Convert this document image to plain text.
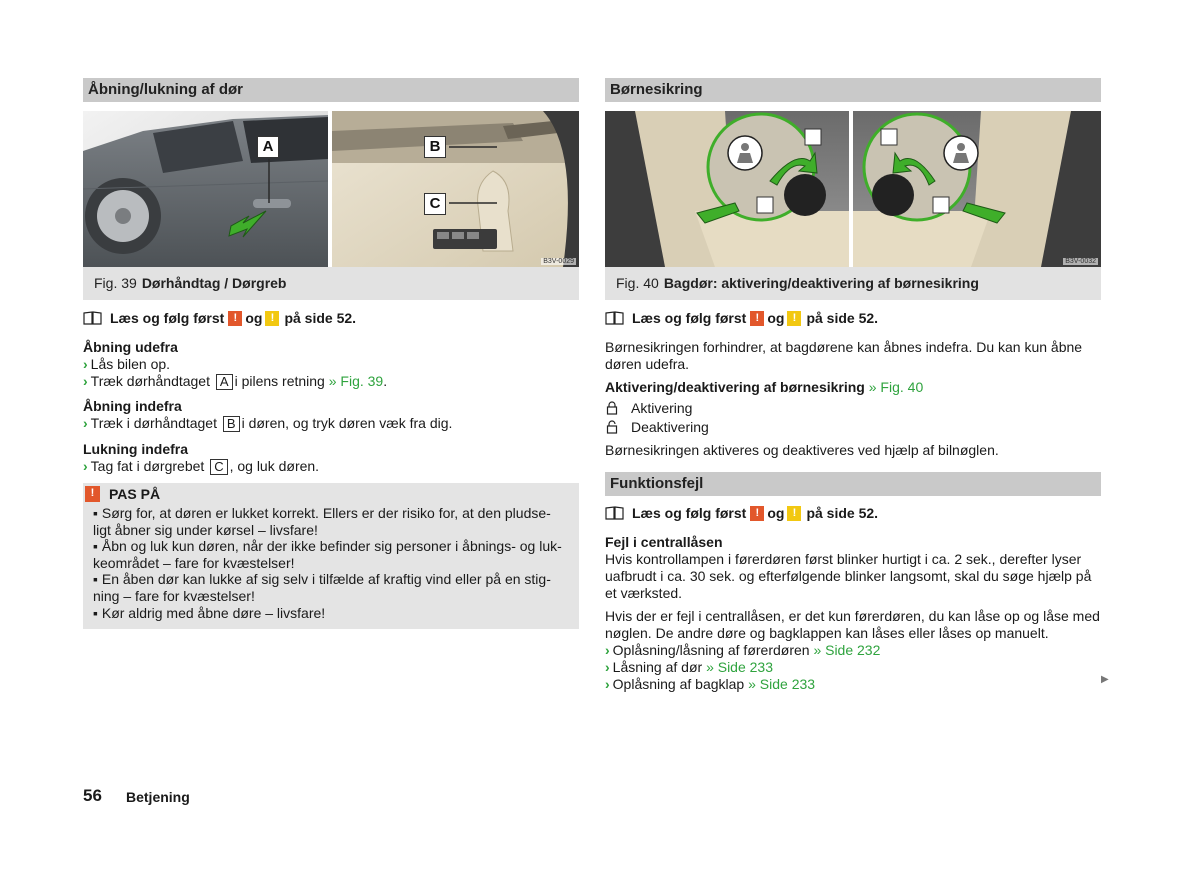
Åbning/lukning af dør
A	B
C
B3V-0029
Fig. 39 Dørhåndtag / Dørgreb
Læs og følg først ! og ! på side 52.
Åbning udefra
› Lås bilen op.
› Træk dørhåndtaget A i pilens retning » Fig. 39.
Åbning indefra
› Træk i dørhåndtaget B i døren, og tryk døren væk fra dig.
Lukning indefra
› Tag fat i dørgrebet C , og luk døren.
!	PAS PÅ
▪ Sørg for, at døren er lukket korrekt. Ellers er der risiko for, at den pludse-
ligt åbner sig under kørsel – livsfare!
▪ Åbn og luk kun døren, når der ikke befinder sig personer i åbnings- og luk-
keområdet – fare for kvæstelser!
▪ En åben dør kan lukke af sig selv i tilfælde af kraftig vind eller på en stig-
ning – fare for kvæstelser!
▪ Kør aldrig med åbne døre – livsfare!
Børnesikring
B3V-0032
Fig. 40 Bagdør: aktivering/deaktivering af børnesikring
Læs og følg først ! og ! på side 52.
Børnesikringen forhindrer, at bagdørene kan åbnes indefra. Du kan kun åbne
døren udefra.
Aktivering/deaktivering af børnesikring » Fig. 40
Aktivering
Deaktivering
Børnesikringen aktiveres og deaktiveres ved hjælp af bilnøglen.
Funktionsfejl
Læs og følg først ! og ! på side 52.
Fejl i centrallåsen
Hvis kontrollampen i førerdøren først blinker hurtigt i ca. 2 sek., derefter lyser
uafbrudt i ca. 30 sek. og efterfølgende blinker langsomt, skal du søge hjælp på
et værksted.
Hvis der er fejl i centrallåsen, er det kun førerdøren, du kan låse op og låse med
nøglen. De andre døre og bagklappen kan låses eller låses op manuelt.
› Oplåsning/låsning af førerdøren » Side 232
› Låsning af dør » Side 233
› Oplåsning af bagklap » Side 233	▶
56 Betjening
